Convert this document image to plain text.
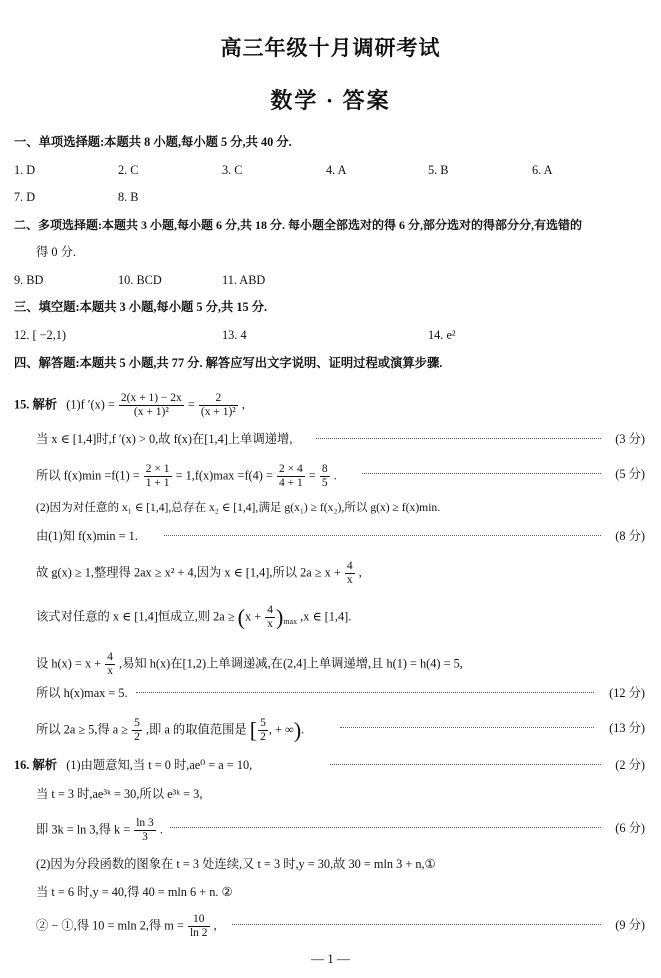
高三年级十月调研考试
数学 · 答案
一、单项选择题:本题共 8 小题,每小题 5 分,共 40 分.
1. D	2. C	3. C	4. A	5. B	6. A
7. D	8. B
二、多项选择题:本题共 3 小题,每小题 6 分,共 18 分. 每小题全部选对的得 6 分,部分选对的得部分分,有选错的
得 0 分.
9. BD	10. BCD	11. ABD
三、填空题:本题共 3 小题,每小题 5 分,共 15 分.
12. [ −2,1)	13. 4	14. e²
四、解答题:本题共 5 小题,共 77 分. 解答应写出文字说明、证明过程或演算步骤.
15. 解析 (1)f $'(x) = \frac{2(x + 1) - 2x}{\text{(x + 1)²}} = \frac{2}{\text{(x + 1)²}}$ ,
当 x ∈ [1,4]时,f ′(x) > 0,故 f(x)在[1,4]上单调递增,	(3 分)
所以 $f(x)\min =f(1) = \frac{2 \times 1}{1 + 1} = 1,f(x)\max =f(4) = \frac{2 \times 4}{4 + 1} = \frac{8}{5}$ .	(5 分)
(2)因为对任意的 x₁ ∈ [1,4],总存在 x₂ ∈ [1,4],满足 g(x₁) ≥ f(x₂),所以 g(x) ≥ f(x)min.
由(1)知 f(x)min = 1.	(8 分)
故 g(x) ≥ 1,整理得 2ax ≥ x² + 4,因为 x ∈ [1,4],所以 $2a \ge x + \frac{4}{x}$ ,
该式对任意的 x ∈ [1,4]恒成立,则 $2a \ge (x + \frac{4}{x} )_{max}$ ,x ∈ [1,4].
设 $h(x) = x + \frac{4}{x}$ ,易知 h(x)在[1,2)上单调递减,在(2,4]上单调递增,且 h(1) = h(4) = 5,
所以 h(x)max = 5.	(12 分)
所以 2a ≥ 5,得 $a \ge \frac{5}{2}$ ,即 a 的取值范围是 [ $\frac{5}{2}$ , + ∞).	(13 分)
16. 解析 (1)由题意知,当 t = 0 时,ae⁰ = a = 10,	(2 分)
当 t = 3 时,ae³ᵏ = 30,所以 e³ᵏ = 3,
即 3k = ln 3,得 $k = \frac{\ln 3}{3}$ .	(6 分)
(2)因为分段函数的图象在 t = 3 处连续,又 t = 3 时,y = 30,故 30 = mln 3 + n,①
当 t = 6 时,y = 40,得 40 = mln 6 + n. ②
② − ①,得 10 = mln 2,得 $m = \frac{10}{\ln 2}$ ,	(9 分)
— 1 —
